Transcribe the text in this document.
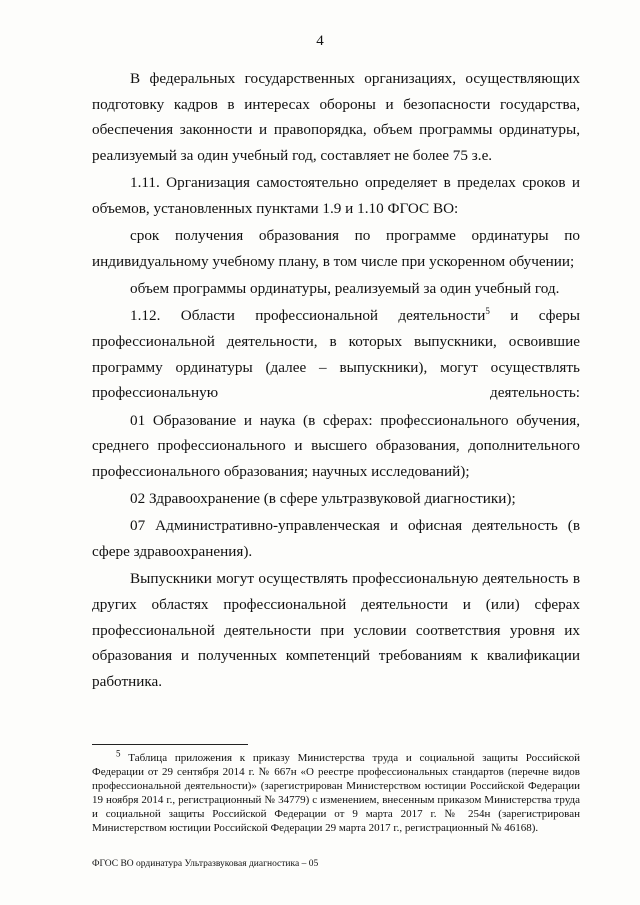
4

В федеральных государственных организациях, осуществляющих подготовку кадров в интересах обороны и безопасности государства, обеспечения законности и правопорядка, объем программы ординатуры, реализуемый за один учебный год, составляет не более 75 з.е.

1.11. Организация самостоятельно определяет в пределах сроков и объемов, установленных пунктами 1.9 и 1.10 ФГОС ВО:

срок получения образования по программе ординатуры по индивидуальному учебному плану, в том числе при ускоренном обучении;

объем программы ординатуры, реализуемый за один учебный год.

1.12. Области профессиональной деятельности$^5$ и сферы профессиональной деятельности, в которых выпускники, освоившие программу ординатуры (далее – выпускники), могут осуществлять профессиональную деятельность:

01 Образование и наука (в сферах: профессионального обучения, среднего профессионального и высшего образования, дополнительного профессионального образования; научных исследований);

02 Здравоохранение (в сфере ультразвуковой диагностики);

07 Административно-управленческая и офисная деятельность (в сфере здравоохранения).

Выпускники могут осуществлять профессиональную деятельность в других областях профессиональной деятельности и (или) сферах профессиональной деятельности при условии соответствия уровня их образования и полученных компетенций требованиям к квалификации работника.

$^5$ Таблица приложения к приказу Министерства труда и социальной защиты Российской Федерации от 29 сентября 2014 г. № 667н «О реестре профессиональных стандартов (перечне видов профессиональной деятельности)» (зарегистрирован Министерством юстиции Российской Федерации 19 ноября 2014 г., регистрационный № 34779) с изменением, внесенным приказом Министерства труда и социальной защиты Российской Федерации от 9 марта 2017 г. № 254н (зарегистрирован Министерством юстиции Российской Федерации 29 марта 2017 г., регистрационный № 46168).
ФГОС ВО ординатура Ультразвуковая диагностика – 05
